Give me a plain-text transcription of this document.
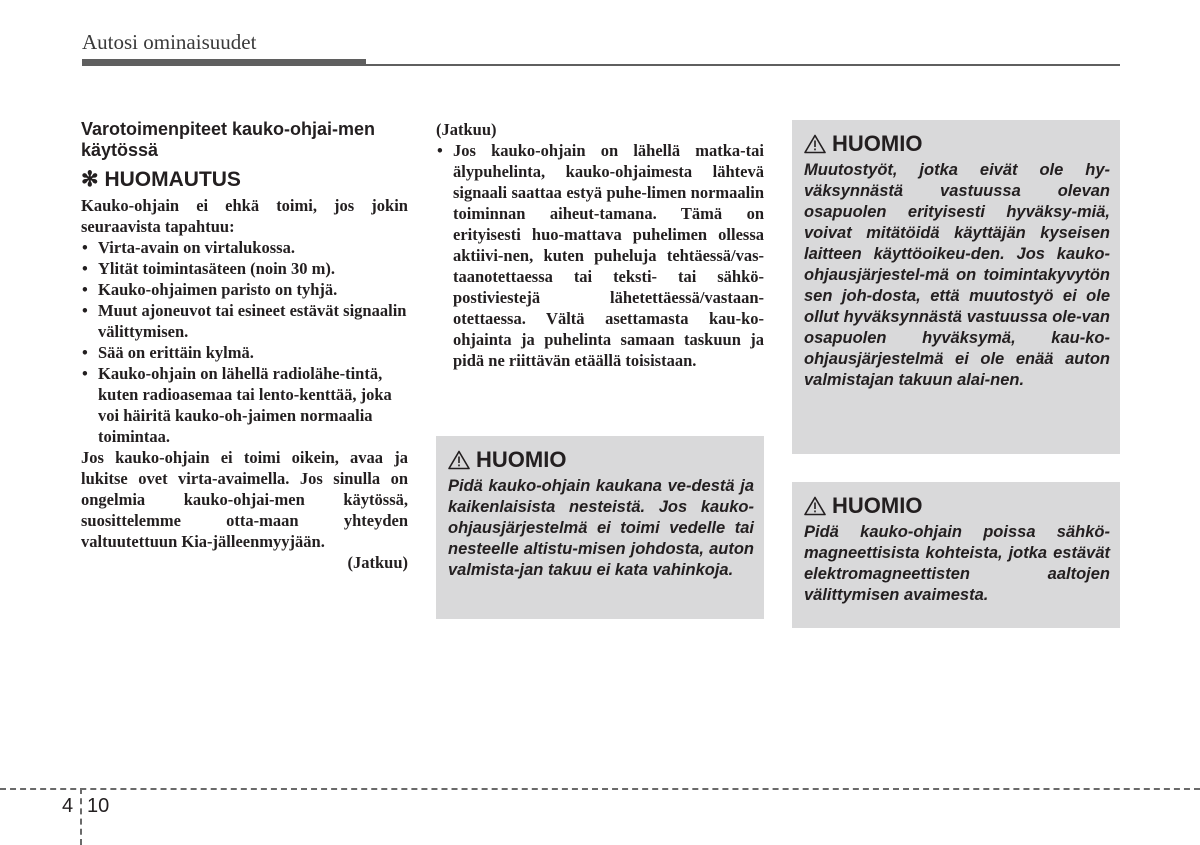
Autosi ominaisuudet
Varotoimenpiteet kauko-ohjai-men käytössä
✻ HUOMAUTUS
Kauko-ohjain ei ehkä toimi, jos jokin seuraavista tapahtuu:
• Virta-avain on virtalukossa.
• Ylität toimintasäteen (noin 30 m).
• Kauko-ohjaimen paristo on tyhjä.
• Muut ajoneuvot tai esineet estävät signaalin välittymisen.
• Sää on erittäin kylmä.
• Kauko-ohjain on lähellä radiolähe-tintä, kuten radioasemaa tai lento-kenttää, joka voi häiritä kauko-oh-jaimen normaalia toimintaa.
Jos kauko-ohjain ei toimi oikein, avaa ja lukitse ovet virta-avaimella. Jos sinulla on ongelmia kauko-ohjai-men käytössä, suosittelemme otta-maan yhteyden valtuutettuun Kia-jälleenmyyjään.
(Jatkuu)
(Jatkuu)
• Jos kauko-ohjain on lähellä matka-tai älypuhelinta, kauko-ohjaimesta lähtevä signaali saattaa estyä puhe-limen normaalin toiminnan aiheut-tamana. Tämä on erityisesti huo-mattava puhelimen ollessa aktiivi-nen, kuten puheluja tehtäessä/vas-taanotettaessa tai teksti- tai sähkö-postiviestejä lähetettäessä/vastaan-otettaessa. Vältä asettamasta kau-ko-ohjainta ja puhelinta samaan taskuun ja pidä ne riittävän etäällä toisistaan.
HUOMIO
Pidä kauko-ohjain kaukana ve-destä ja kaikenlaisista nesteistä. Jos kauko-ohjausjärjestelmä ei toimi vedelle tai nesteelle altistu-misen johdosta, auton valmista-jan takuu ei kata vahinkoja.
HUOMIO
Muutostyöt, jotka eivät ole hy-väksynnästä vastuussa olevan osapuolen erityisesti hyväksy-miä, voivat mitätöidä käyttäjän kyseisen laitteen käyttöoikeu-den. Jos kauko-ohjausjärjestel-mä on toimintakyvytön sen joh-dosta, että muutostyö ei ole ollut hyväksynnästä vastuussa ole-van osapuolen hyväksymä, kau-ko-ohjausjärjestelmä ei ole enää auton valmistajan takuun alai-nen.
HUOMIO
Pidä kauko-ohjain poissa sähkö-magneettisista kohteista, jotka estävät elektromagneettisten aaltojen välittymisen avaimesta.
4 10
